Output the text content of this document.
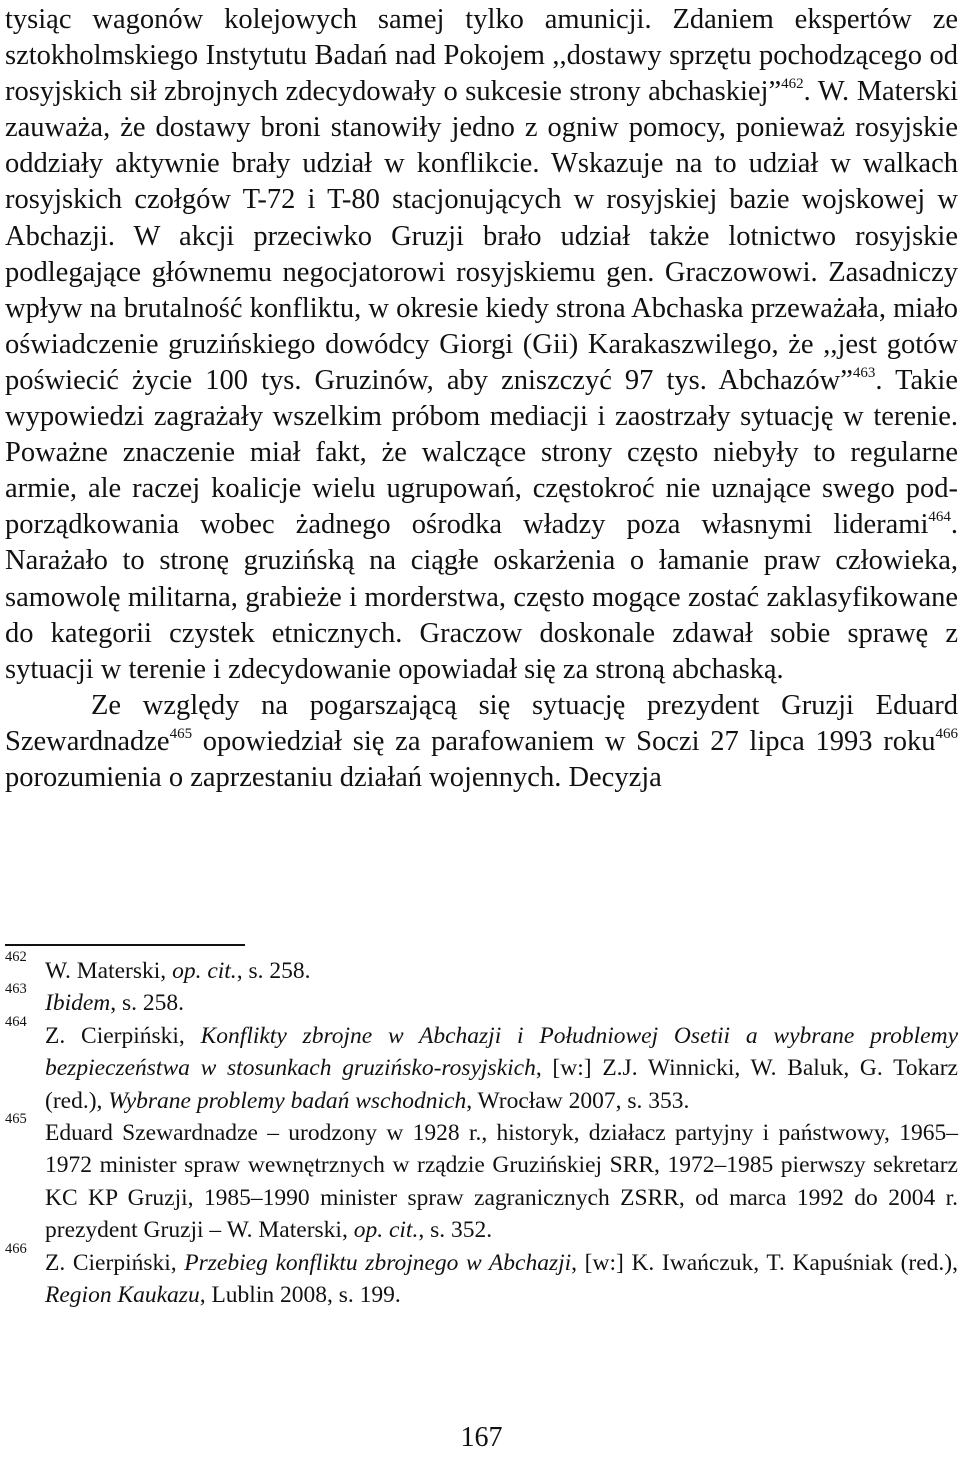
tysiąc wagonów kolejowych samej tylko amunicji. Zdaniem ekspertów ze sztokholmskiego Instytutu Badań nad Pokojem ,,dostawy sprzętu pochodzącego od rosyjskich sił zbrojnych zdecydowały o sukcesie strony abchaskiej”$^{462}$. W. Materski zauważa, że dostawy broni stanowiły jedno z ogniw pomocy, ponieważ rosyjskie oddziały aktywnie brały udział w konflikcie. Wskazuje na to udział w walkach rosyjskich czołgów T-72 i T-80 stacjonujących w rosyjskiej bazie wojskowej w Abchazji. W akcji przeciwko Gruzji brało udział także lotnictwo rosyjskie podlegające głównemu negocjatorowi rosyjskiemu gen. Graczowowi. Zasadniczy wpływ na brutalność konfliktu, w okresie kiedy strona Abchaska przeważała, miało oświadczenie gruzińskiego dowódcy Giorgi (Gii) Karakaszwilego, że ,,jest gotów poświecić życie 100 tys. Gruzinów, aby zniszczyć 97 tys. Abchazów”$^{463}$. Takie wypowiedzi zagrażały wszelkim próbom mediacji i zaostrzały sytuację w terenie. Poważne znaczenie miał fakt, że walczące strony często niebyły to regularne armie, ale raczej koalicje wielu ugrupowań, częstokroć nie uznające swego podporządkowania wobec żadnego ośrodka władzy poza własnymi liderami$^{464}$. Narażało to stronę gruzińską na ciągłe oskarżenia o łamanie praw człowieka, samowolę militarna, grabieże i morderstwa, często mogące zostać zaklasyfikowane do kategorii czystek etnicznych. Graczow doskonale zdawał sobie sprawę z sytuacji w terenie i zdecydowanie opowiadał się za stroną abchaską.

Ze względy na pogarszającą się sytuację prezydent Gruzji Eduard Szewardnadze$^{465}$ opowiedział się za parafowaniem w Soczi 27 lipca 1993 roku$^{466}$ porozumienia o zaprzestaniu działań wojennych. Decyzja

462
W. Materski, op. cit., s. 258.
463
Ibidem, s. 258.
464
Z. Cierpiński, Konflikty zbrojne w Abchazji i Południowej Osetii a wybrane problemy bezpieczeństwa w stosunkach gruzińsko-rosyjskich, [w:] Z.J. Winnicki, W. Baluk, G. Tokarz (red.), Wybrane problemy badań wschodnich, Wrocław 2007, s. 353.
465
Eduard Szewardnadze – urodzony w 1928 r., historyk, działacz partyjny i państwowy, 1965–1972 minister spraw wewnętrznych w rządzie Gruzińskiej SRR, 1972–1985 pierwszy sekretarz KC KP Gruzji, 1985–1990 minister spraw zagranicznych ZSRR, od marca 1992 do 2004 r. prezydent Gruzji – W. Materski, op. cit., s. 352.
466
Z. Cierpiński, Przebieg konfliktu zbrojnego w Abchazji, [w:] K. Iwańczuk, T. Kapuśniak (red.), Region Kaukazu, Lublin 2008, s. 199.
167
